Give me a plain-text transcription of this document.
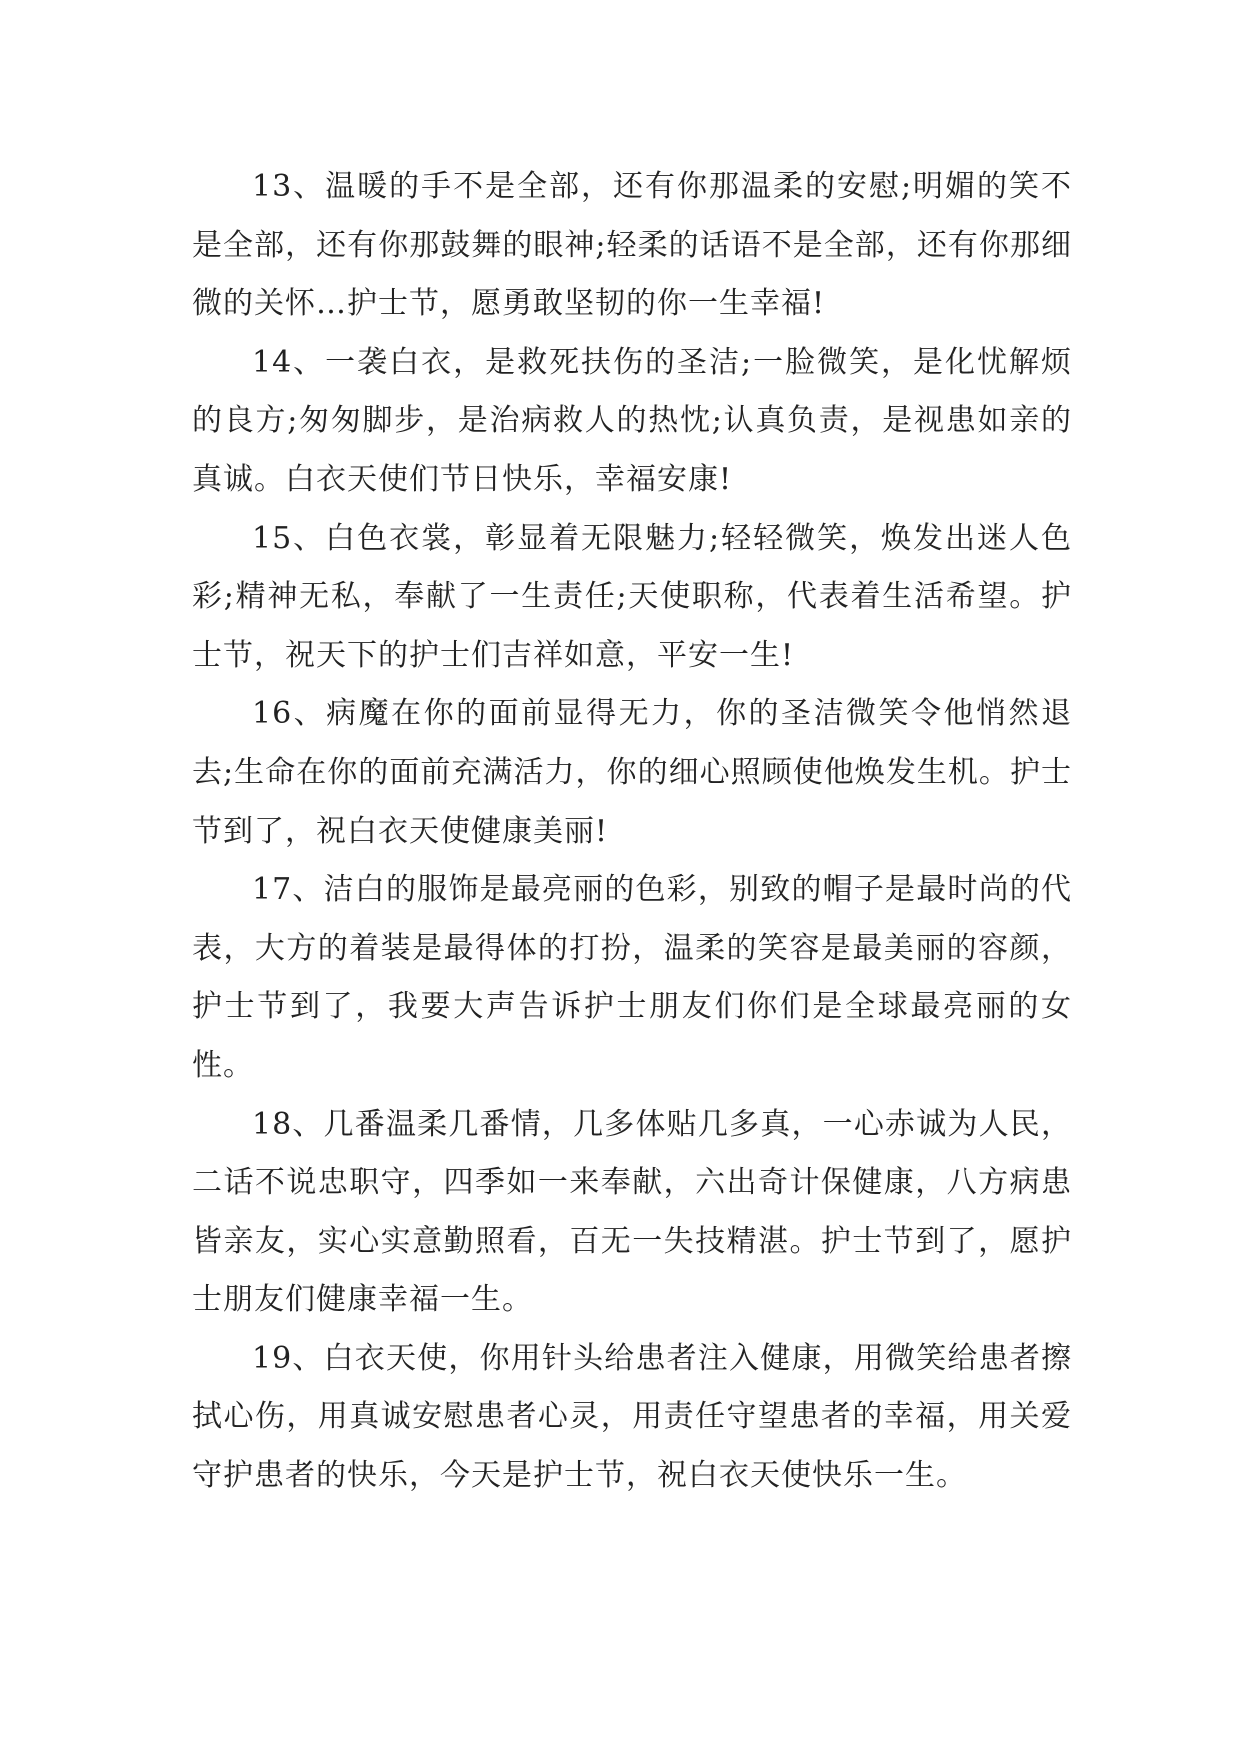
13、温暖的手不是全部，还有你那温柔的安慰;明媚的笑不是全部，还有你那鼓舞的眼神;轻柔的话语不是全部，还有你那细微的关怀…护士节，愿勇敢坚韧的你一生幸福!

14、一袭白衣，是救死扶伤的圣洁;一脸微笑，是化忧解烦的良方;匆匆脚步，是治病救人的热忱;认真负责，是视患如亲的真诚。白衣天使们节日快乐，幸福安康!

15、白色衣裳，彰显着无限魅力;轻轻微笑，焕发出迷人色彩;精神无私，奉献了一生责任;天使职称，代表着生活希望。护士节，祝天下的护士们吉祥如意，平安一生!

16、病魔在你的面前显得无力，你的圣洁微笑令他悄然退去;生命在你的面前充满活力，你的细心照顾使他焕发生机。护士节到了，祝白衣天使健康美丽!

17、洁白的服饰是最亮丽的色彩，别致的帽子是最时尚的代表，大方的着装是最得体的打扮，温柔的笑容是最美丽的容颜，护士节到了，我要大声告诉护士朋友们你们是全球最亮丽的女性。

18、几番温柔几番情，几多体贴几多真，一心赤诚为人民，二话不说忠职守，四季如一来奉献，六出奇计保健康，八方病患皆亲友，实心实意勤照看，百无一失技精湛。护士节到了，愿护士朋友们健康幸福一生。

19、白衣天使，你用针头给患者注入健康，用微笑给患者擦拭心伤，用真诚安慰患者心灵，用责任守望患者的幸福，用关爱守护患者的快乐，今天是护士节，祝白衣天使快乐一生。
